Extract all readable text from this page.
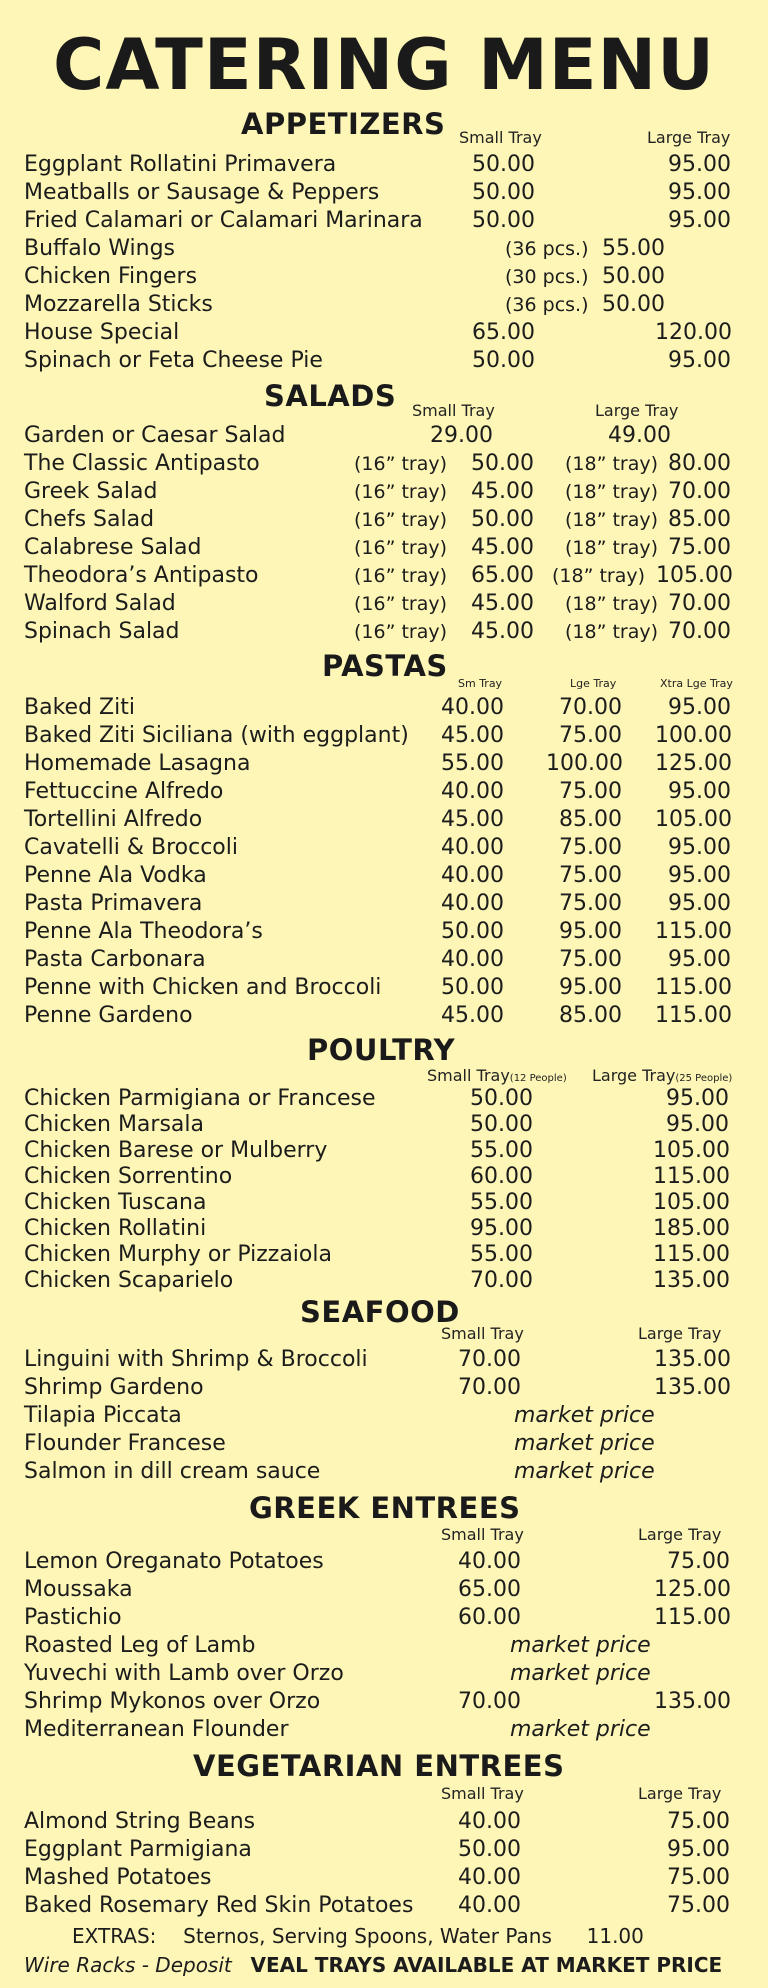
CATERING MENU
APPETIZERS Small Tray	Large Tray
Eggplant Rollatini Primavera	50.00	95.00
Meatballs or Sausage & Peppers	50.00	95.00
Fried Calamari or Calamari Marinara 50.00	95.00
Buffalo Wings	(36 pcs.) 55.00
Chicken Fingers	(30 pcs.) 50.00
Mozzarella Sticks	(36 pcs.) 50.00
House Special	65.00	120.00
Spinach or Feta Cheese Pie	50.00	95.00
SALADS Small Tray	Large Tray
Garden or Caesar Salad	29.00	49.00
The Classic Antipasto	(16” tray) 50.00 (18” tray) 80.00
Greek Salad	(16” tray) 45.00 (18” tray) 70.00
Chefs Salad	(16” tray) 50.00 (18” tray) 85.00
Calabrese Salad	(16” tray) 45.00 (18” tray) 75.00
Theodora’s Antipasto	(16” tray) 65.00 (18” tray) 105.00
Walford Salad	(16” tray) 45.00 (18” tray) 70.00
Spinach Salad	(16” tray) 45.00 (18” tray) 70.00
PASTAS
Sm Tray	Lge Tray	Xtra Lge Tray
Baked Ziti	40.00	70.00 95.00
Baked Ziti Siciliana (with eggplant) 45.00	75.00 100.00
Homemade Lasagna	55.00 100.00 125.00
Fettuccine Alfredo	40.00	75.00 95.00
Tortellini Alfredo	45.00	85.00 105.00
Cavatelli & Broccoli	40.00	75.00 95.00
Penne Ala Vodka	40.00	75.00 95.00
Pasta Primavera	40.00	75.00 95.00
Penne Ala Theodora’s	50.00	95.00 115.00
Pasta Carbonara	40.00	75.00 95.00
Penne with Chicken and Broccoli	50.00	95.00 115.00
Penne Gardeno	45.00	85.00 115.00
POULTRY
Small Tray(12 People) Large Tray(25 People)
Chicken Parmigiana or Francese	50.00	95.00
Chicken Marsala	50.00	95.00
Chicken Barese or Mulberry	55.00	105.00
Chicken Sorrentino	60.00	115.00
Chicken Tuscana	55.00	105.00
Chicken Rollatini	95.00	185.00
Chicken Murphy or Pizzaiola	55.00	115.00
Chicken Scaparielo	70.00	135.00
SEAFOOD
Small Tray	Large Tray
Linguini with Shrimp & Broccoli	70.00	135.00
Shrimp Gardeno	70.00	135.00
Tilapia Piccata	market price
Flounder Francese	market price
Salmon in dill cream sauce	market price
GREEK ENTREES
Small Tray	Large Tray
Lemon Oreganato Potatoes	40.00	75.00
Moussaka	65.00	125.00
Pastichio	60.00	115.00
Roasted Leg of Lamb	market price
Yuvechi with Lamb over Orzo	market price
Shrimp Mykonos over Orzo	70.00	135.00
Mediterranean Flounder	market price
VEGETARIAN ENTREES
Small Tray	Large Tray
Almond String Beans	40.00	75.00
Eggplant Parmigiana	50.00	95.00
Mashed Potatoes	40.00	75.00
Baked Rosemary Red Skin Potatoes 40.00	75.00
EXTRAS: Sternos, Serving Spoons, Water Pans 11.00
Wire Racks - Deposit VEAL TRAYS AVAILABLE AT MARKET PRICE
